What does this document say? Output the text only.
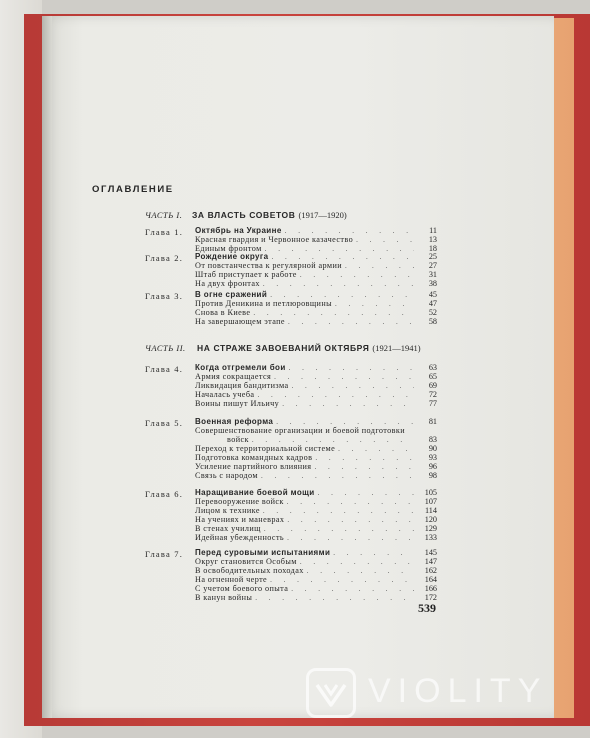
ОГЛАВЛЕНИЕ
ЧАСТЬ I. ЗА ВЛАСТЬ СОВЕТОВ (1917—1920)
ЧАСТЬ II. НА СТРАЖЕ ЗАВОЕВАНИЙ ОКТЯБРЯ (1921—1941)
Глава 1. Октябрь на Украине . . .	11
Красная гвардия и Червонное казачество . . .	13
Единым фронтом . . .	18
Глава 2. Рождение округа . . .	25
От повстанчества к регулярной армии . . .	27
Штаб приступает к работе . . .	31
На двух фронтах . . .	38
Глава 3. В огне сражений . . .	45
Против Деникина и петлюровщины . . .	47
Снова в Киеве . . .	52
На завершающем этапе . . .	58
Глава 4. Когда отгремели бои . . .	63
Армия сокращается . . .	65
Ликвидация бандитизма . . .	69
Началась учеба . . .	72
Воины пишут Ильичу . . .	77
Глава 5. Военная реформа . . .	81
Совершенствование организации и боевой подготовки
войск . . .	83
Переход к территориальной системе . . .	90
Подготовка командных кадров . . .	93
Усиление партийного влияния . . .	96
Связь с народом . . .	98
Глава 6. Наращивание боевой мощи . . .	105
Перевооружение войск . . .	107
Лицом к технике . . .	114
На учениях и маневрах . . .	120
В стенах училищ . . .	129
Идейная убежденность . . .	133
Глава 7. Перед суровыми испытаниями . . .	145
Округ становится Особым . . .	147
В освободительных походах . . .	162
На огненной черте . . .	164
С учетом боевого опыта . . .	166
В канун войны . . .	172
539
VIOLITY
